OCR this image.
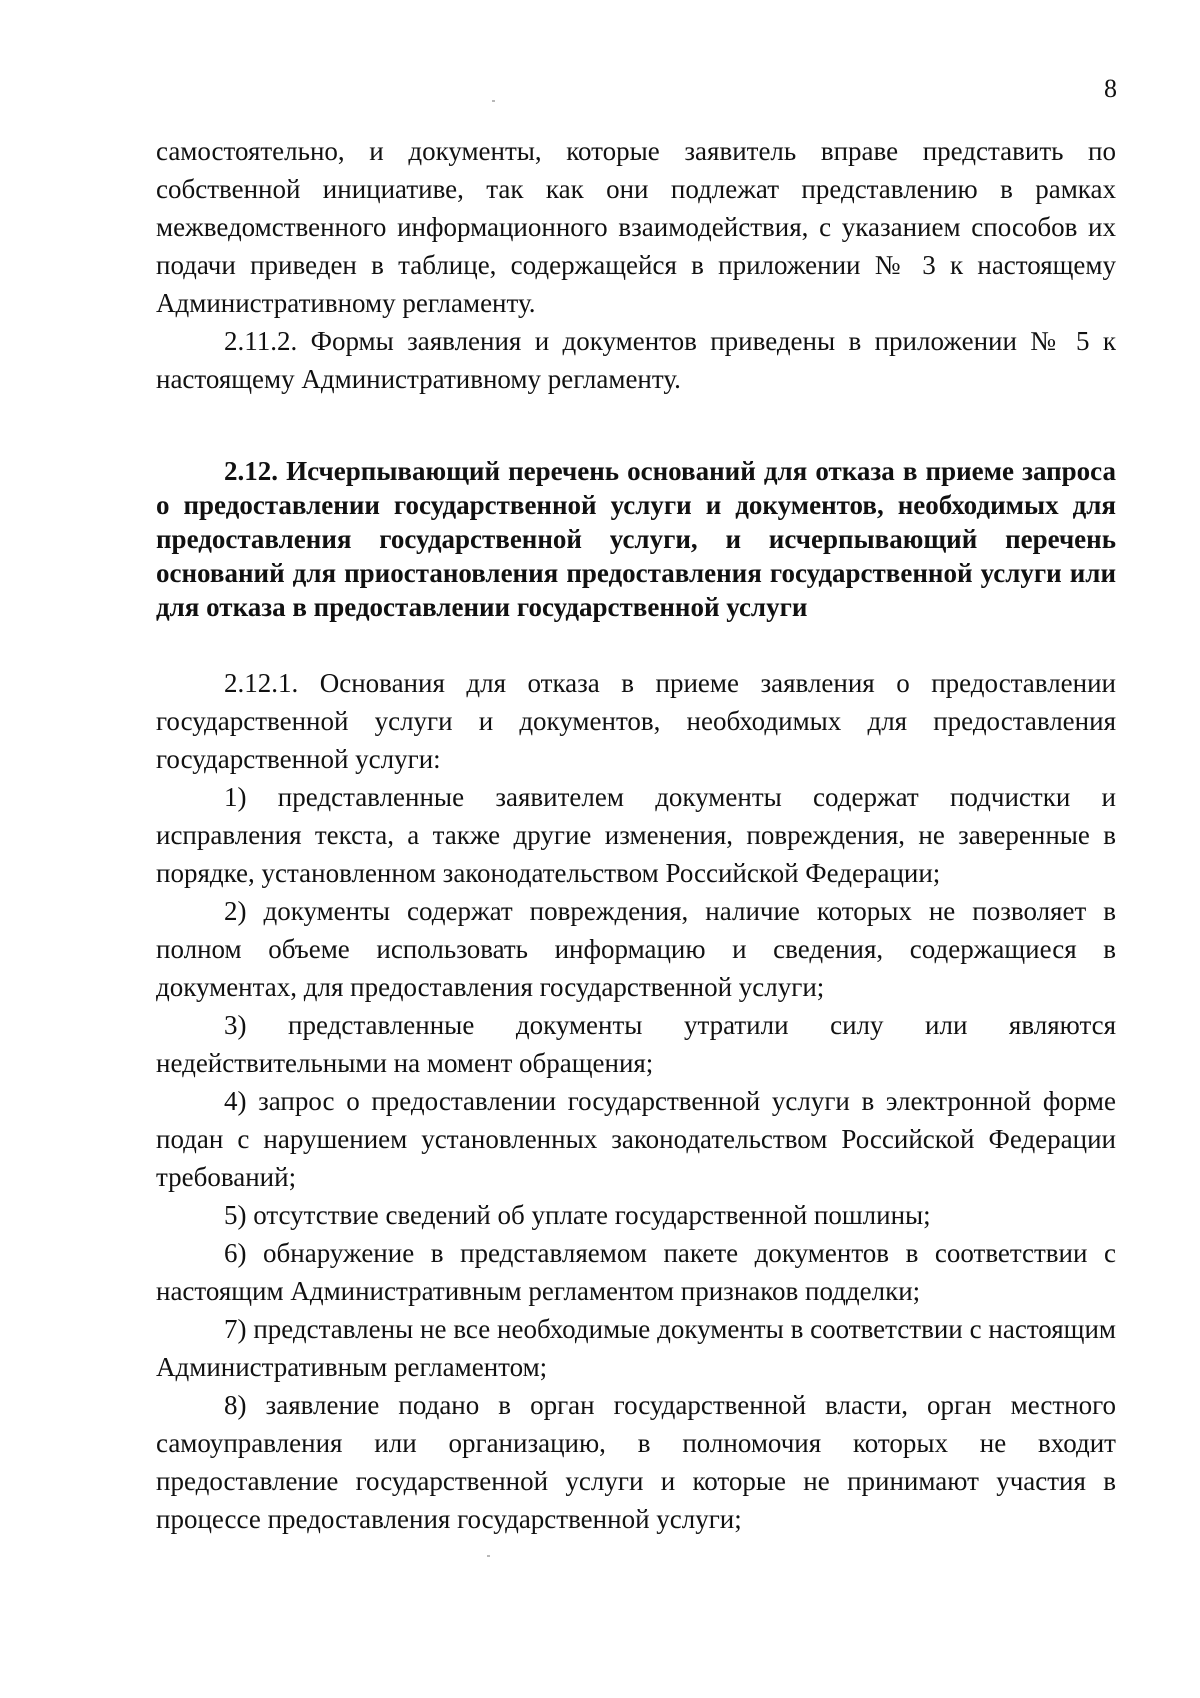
8

самостоятельно, и документы, которые заявитель вправе представить по собственной инициативе, так как они подлежат представлению в рамках межведомственного информационного взаимодействия, с указанием способов их подачи приведен в таблице, содержащейся в приложении № 3 к настоящему Административному регламенту.

2.11.2. Формы заявления и документов приведены в приложении № 5 к настоящему Административному регламенту.

2.12. Исчерпывающий перечень оснований для отказа в приеме запроса о предоставлении государственной услуги и документов, необходимых для предоставления государственной услуги, и исчерпывающий перечень оснований для приостановления предоставления государственной услуги или для отказа в предоставлении государственной услуги

2.12.1. Основания для отказа в приеме заявления о предоставлении государственной услуги и документов, необходимых для предоставления государственной услуги:

1) представленные заявителем документы содержат подчистки и исправления текста, а также другие изменения, повреждения, не заверенные в порядке, установленном законодательством Российской Федерации;

2) документы содержат повреждения, наличие которых не позволяет в полном объеме использовать информацию и сведения, содержащиеся в документах, для предоставления государственной услуги;

3) представленные документы утратили силу или являются недействительными на момент обращения;

4) запрос о предоставлении государственной услуги в электронной форме подан с нарушением установленных законодательством Российской Федерации требований;

5) отсутствие сведений об уплате государственной пошлины;

6) обнаружение в представляемом пакете документов в соответствии с настоящим Административным регламентом признаков подделки;

7) представлены не все необходимые документы в соответствии с настоящим Административным регламентом;

8) заявление подано в орган государственной власти, орган местного самоуправления или организацию, в полномочия которых не входит предоставление государственной услуги и которые не принимают участия в процессе предоставления государственной услуги;
